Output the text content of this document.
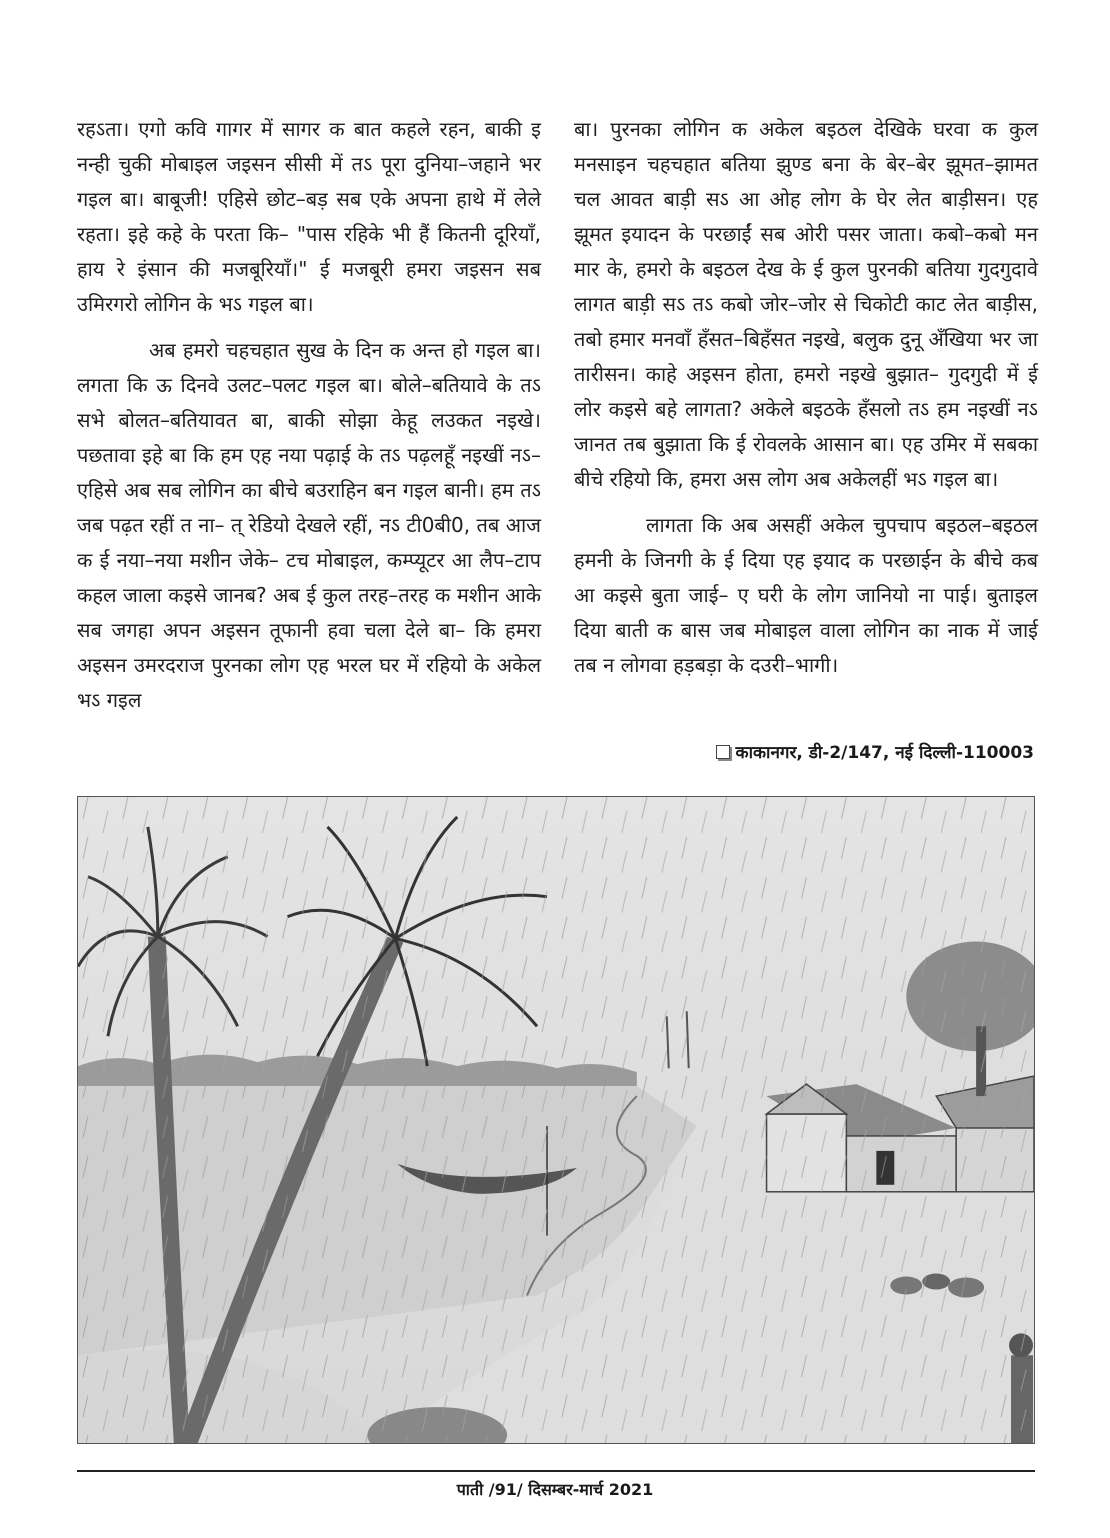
रहऽता। एगो कवि गागर में सागर क बात कहले रहन, बाकी इ नन्ही चुकी मोबाइल जइसन सीसी में तऽ पूरा दुनिया–जहाने भर गइल बा। बाबूजी! एहिसे छोट–बड़ सब एके अपना हाथे में लेले रहता। इहे कहे के परता कि– "पास रहिके भी हैं कितनी दूरियाँ, हाय रे इंसान की मजबूरियाँ।" ई मजबूरी हमरा जइसन सब उमिरगरो लोगिन के भऽ गइल बा।

अब हमरो चहचहात सुख के दिन क अन्त हो गइल बा। लगता कि ऊ दिनवे उलट–पलट गइल बा। बोले–बतियावे के तऽ सभे बोलत–बतियावत बा, बाकी सोझा केहू लउकत नइखे। पछतावा इहे बा कि हम एह नया पढ़ाई के तऽ पढ़लहूँ नइखीं नऽ– एहिसे अब सब लोगिन का बीचे बउराहिन बन गइल बानी। हम तऽ जब पढ़त रहीं त ना– त् रेडियो देखले रहीं, नऽ टी0बी0, तब आज क ई नया–नया मशीन जेके– टच मोबाइल, कम्प्यूटर आ लैप–टाप कहल जाला कइसे जानब? अब ई कुल तरह–तरह क मशीन आके सब जगहा अपन अइसन तूफानी हवा चला देले बा– कि हमरा अइसन उमरदराज पुरनका लोग एह भरल घर में रहियो के अकेल भऽ गइल

बा। पुरनका लोगिन क अकेल बइठल देखिके घरवा क कुल मनसाइन चहचहात बतिया झुण्ड बना के बेर–बेर झूमत–झामत चल आवत बाड़ी सऽ आ ओह लोग के घेर लेत बाड़ीसन। एह झूमत इयादन के परछाईं सब ओरी पसर जाता। कबो–कबो मन मार के, हमरो के बइठल देख के ई कुल पुरनकी बतिया गुदगुदावे लागत बाड़ी सऽ तऽ कबो जोर–जोर से चिकोटी काट लेत बाड़ीस, तबो हमार मनवाँ हँसत–बिहँसत नइखे, बलुक दुनू अँखिया भर जा तारीसन। काहे अइसन होता, हमरो नइखे बुझात– गुदगुदी में ई लोर कइसे बहे लागता? अकेले बइठके हँसलो तऽ हम नइखीं नऽ जानत तब बुझाता कि ई रोवलके आसान बा। एह उमिर में सबका बीचे रहियो कि, हमरा अस लोग अब अकेलहीं भऽ गइल बा।

लागता कि अब असहीं अकेल चुपचाप बइठल–बइठल हमनी के जिनगी के ई दिया एह इयाद क परछाईन के बीचे कब आ कइसे बुता जाई– ए घरी के लोग जानियो ना पाई। बुताइल दिया बाती क बास जब मोबाइल वाला लोगिन का नाक में जाई तब न लोगवा हड़बड़ा के दउरी–भागी।

काकानगर, डी-2/147, नई दिल्ली-110003
पाती /91/ दिसम्बर-मार्च 2021
